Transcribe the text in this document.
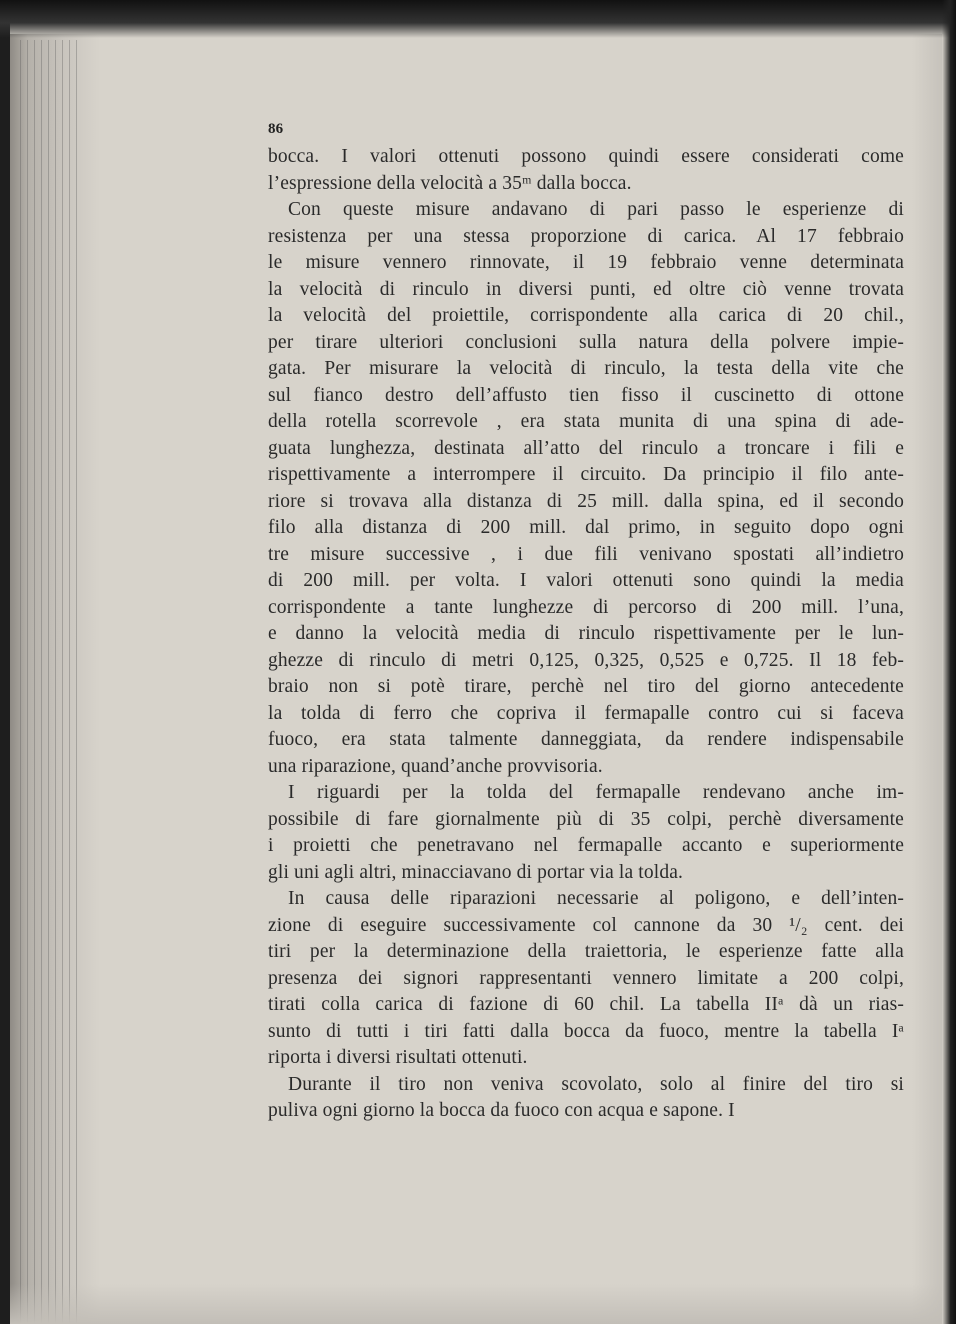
86
bocca. I valori ottenuti possono quindi essere considerati come
l’espressione della velocità a 35ᵐ dalla bocca.
Con queste misure andavano di pari passo le esperienze di
resistenza per una stessa proporzione di carica. Al 17 febbraio
le misure vennero rinnovate, il 19 febbraio venne determinata
la velocità di rinculo in diversi punti, ed oltre ciò venne trovata
la velocità del proiettile, corrispondente alla carica di 20 chil.,
per tirare ulteriori conclusioni sulla natura della polvere impie-
gata. Per misurare la velocità di rinculo, la testa della vite che
sul fianco destro dell’affusto tien fisso il cuscinetto di ottone
della rotella scorrevole , era stata munita di una spina di ade-
guata lunghezza, destinata all’atto del rinculo a troncare i fili e
rispettivamente a interrompere il circuito. Da principio il filo ante-
riore si trovava alla distanza di 25 mill. dalla spina, ed il secondo
filo alla distanza di 200 mill. dal primo, in seguito dopo ogni
tre misure successive , i due fili venivano spostati all’indietro
di 200 mill. per volta. I valori ottenuti sono quindi la media
corrispondente a tante lunghezze di percorso di 200 mill. l’una,
e danno la velocità media di rinculo rispettivamente per le lun-
ghezze di rinculo di metri 0,125, 0,325, 0,525 e 0,725. Il 18 feb-
braio non si potè tirare, perchè nel tiro del giorno antecedente
la tolda di ferro che copriva il fermapalle contro cui si faceva
fuoco, era stata talmente danneggiata, da rendere indispensabile
una riparazione, quand’anche provvisoria.
I riguardi per la tolda del fermapalle rendevano anche im-
possibile di fare giornalmente più di 35 colpi, perchè diversamente
i proietti che penetravano nel fermapalle accanto e superiormente
gli uni agli altri, minacciavano di portar via la tolda.
In causa delle riparazioni necessarie al poligono, e dell’inten-
zione di eseguire successivamente col cannone da 30 ¹/₂ cent. dei
tiri per la determinazione della traiettoria, le esperienze fatte alla
presenza dei signori rappresentanti vennero limitate a 200 colpi,
tirati colla carica di fazione di 60 chil. La tabella IIᵃ dà un rias-
sunto di tutti i tiri fatti dalla bocca da fuoco, mentre la tabella Iᵃ
riporta i diversi risultati ottenuti.
Durante il tiro non veniva scovolato, solo al finire del tiro si
puliva ogni giorno la bocca da fuoco con acqua e sapone. I
